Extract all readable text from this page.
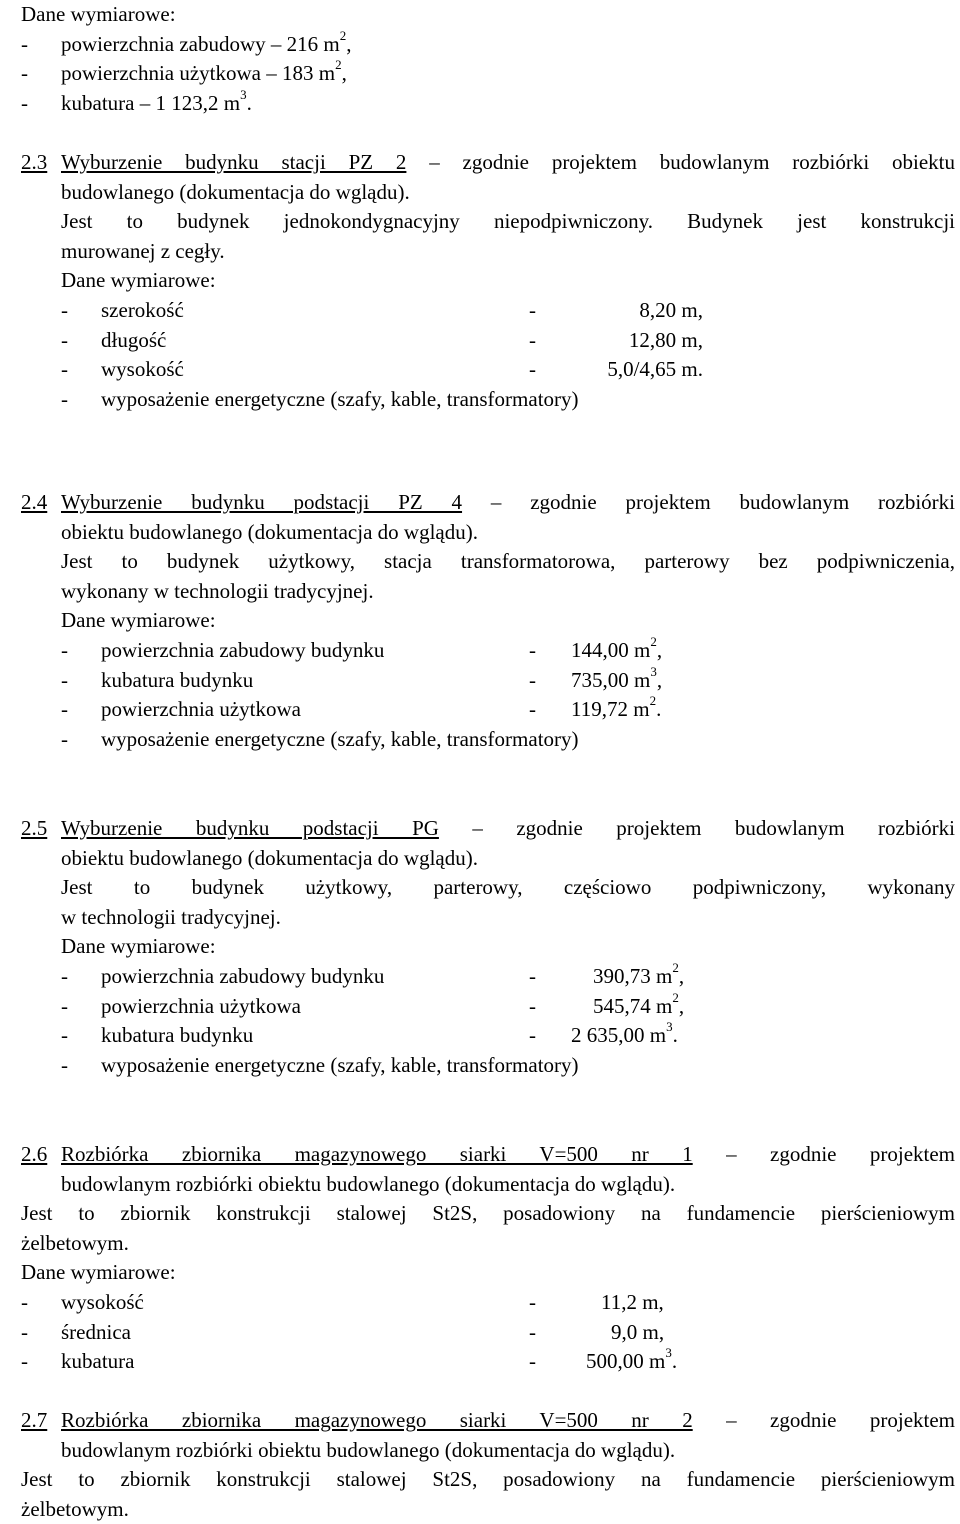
Dane wymiarowe:
- powierzchnia zabudowy – 216 $m^2$,
- powierzchnia użytkowa – 183 $m^2$,
- kubatura – 1 123,2 $m^3$.
2.3 Wyburzenie budynku stacji PZ 2 – zgodnie projektem budowlanym rozbiórki obiektu
budowlanego (dokumentacja do wglądu).
Jest to budynek jednokondygnacyjny niepodpiwniczony. Budynek jest konstrukcji
murowanej z cegły.
Dane wymiarowe:
- szerokość	-	8,20 m,
- długość	-	12,80 m,
- wysokość	-	5,0/4,65 m.
- wyposażenie energetyczne (szafy, kable, transformatory)
2.4 Wyburzenie budynku podstacji PZ 4 – zgodnie projektem budowlanym rozbiórki
obiektu budowlanego (dokumentacja do wglądu).
Jest to budynek użytkowy, stacja transformatorowa, parterowy bez podpiwniczenia,
wykonany w technologii tradycyjnej.
Dane wymiarowe:
- powierzchnia zabudowy budynku	- 144,00 $m^2$,
- kubatura budynku	- 735,00 $m^3$,
- powierzchnia użytkowa	- 119,72 $m^2$.
- wyposażenie energetyczne (szafy, kable, transformatory)
2.5 Wyburzenie budynku podstacji PG – zgodnie projektem budowlanym rozbiórki
obiektu budowlanego (dokumentacja do wglądu).
Jest to budynek użytkowy, parterowy, częściowo podpiwniczony, wykonany
w technologii tradycyjnej.
Dane wymiarowe:
- powierzchnia zabudowy budynku	-	390,73 $m^2$,
- powierzchnia użytkowa	-	545,74 $m^2$,
- kubatura budynku	- 2 635,00 $m^3$.
- wyposażenie energetyczne (szafy, kable, transformatory)
2.6 Rozbiórka zbiornika magazynowego siarki V=500 nr 1 – zgodnie projektem
budowlanym rozbiórki obiektu budowlanego (dokumentacja do wglądu).
Jest to zbiornik konstrukcji stalowej St2S, posadowiony na fundamencie pierścieniowym
żelbetowym.
Dane wymiarowe:
- wysokość	-	11,2 m,
- średnica	-	9,0 m,
- kubatura	- 500,00 $m^3$.
2.7 Rozbiórka zbiornika magazynowego siarki V=500 nr 2 – zgodnie projektem
budowlanym rozbiórki obiektu budowlanego (dokumentacja do wglądu).
Jest to zbiornik konstrukcji stalowej St2S, posadowiony na fundamencie pierścieniowym
żelbetowym.
